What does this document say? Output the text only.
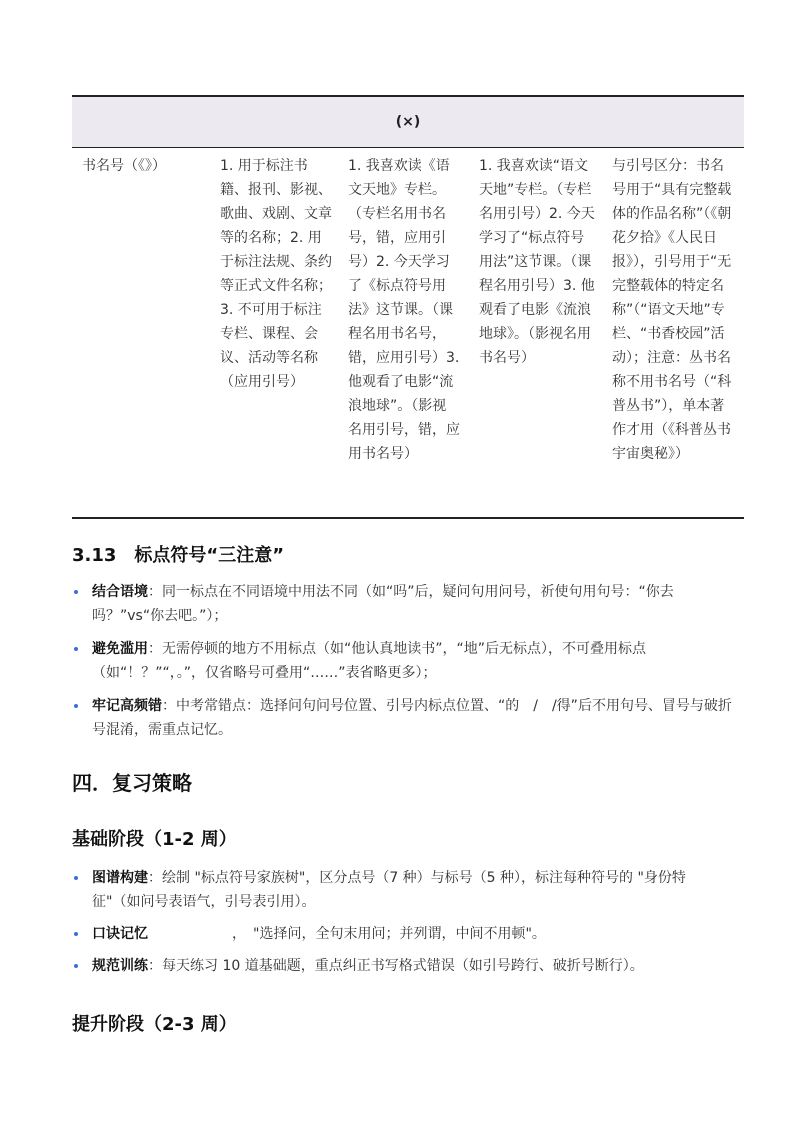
(×)
书名号（《》）	1. 用于标注书籍、报刊、影视、歌曲、戏剧、文章等的名称；2. 用于标注法规、条约等正式文件名称；3. 不可用于标注专栏、课程、会议、活动等名称（应用引号）
1. 我喜欢读《语文天地》专栏。（专栏名用书名号，错，应用引号）2. 今天学习了《标点符号用法》这节课。（课程名用书名号，错，应用引号）3. 他观看了电影“流浪地球”。（影视名用引号，错，应用书名号）
1. 我喜欢读“语文天地”专栏。（专栏名用引号）2. 今天学习了“标点符号用法”这节课。（课程名用引号）3. 他观看了电影《流浪地球》。（影视名用书名号）
与引号区分：书名号用于“具有完整载体的作品名称”（《朝花夕拾》《人民日报》），引号用于“无完整载体的特定名称”（“语文天地”专栏、“书香校园”活动）；注意：丛书名称不用书名号（“科普丛书”），单本著作才用（《科普丛书宇宙奥秘》）
3.13　标点符号“三注意”
结合语境：同一标点在不同语境中用法不同（如“吗”后，疑问句用问号，祈使句用句号：“你去吗？”vs“你去吧。”）；
避免滥用：无需停顿的地方不用标点（如“他认真地读书”，“地”后无标点），不可叠用标点（如“！？”“，。”，仅省略号可叠用“……”表省略更多）；
牢记高频错：中考常错点：选择问句问号位置、引号内标点位置、“的　/　/得”后不用句号、冒号与破折号混淆，需重点记忆。
四．复习策略
基础阶段（1-2 周）
图谱构建：绘制 "标点符号家族树"，区分点号（7 种）与标号（5 种），标注每种符号的 "身份特征"（如问号表语气，引号表引用）。
口诀记忆　　　　　　，　"选择问，全句末用问；并列谓，中间不用顿"。
规范训练：每天练习 10 道基础题，重点纠正书写格式错误（如引号跨行、破折号断行）。
提升阶段（2-3 周）
